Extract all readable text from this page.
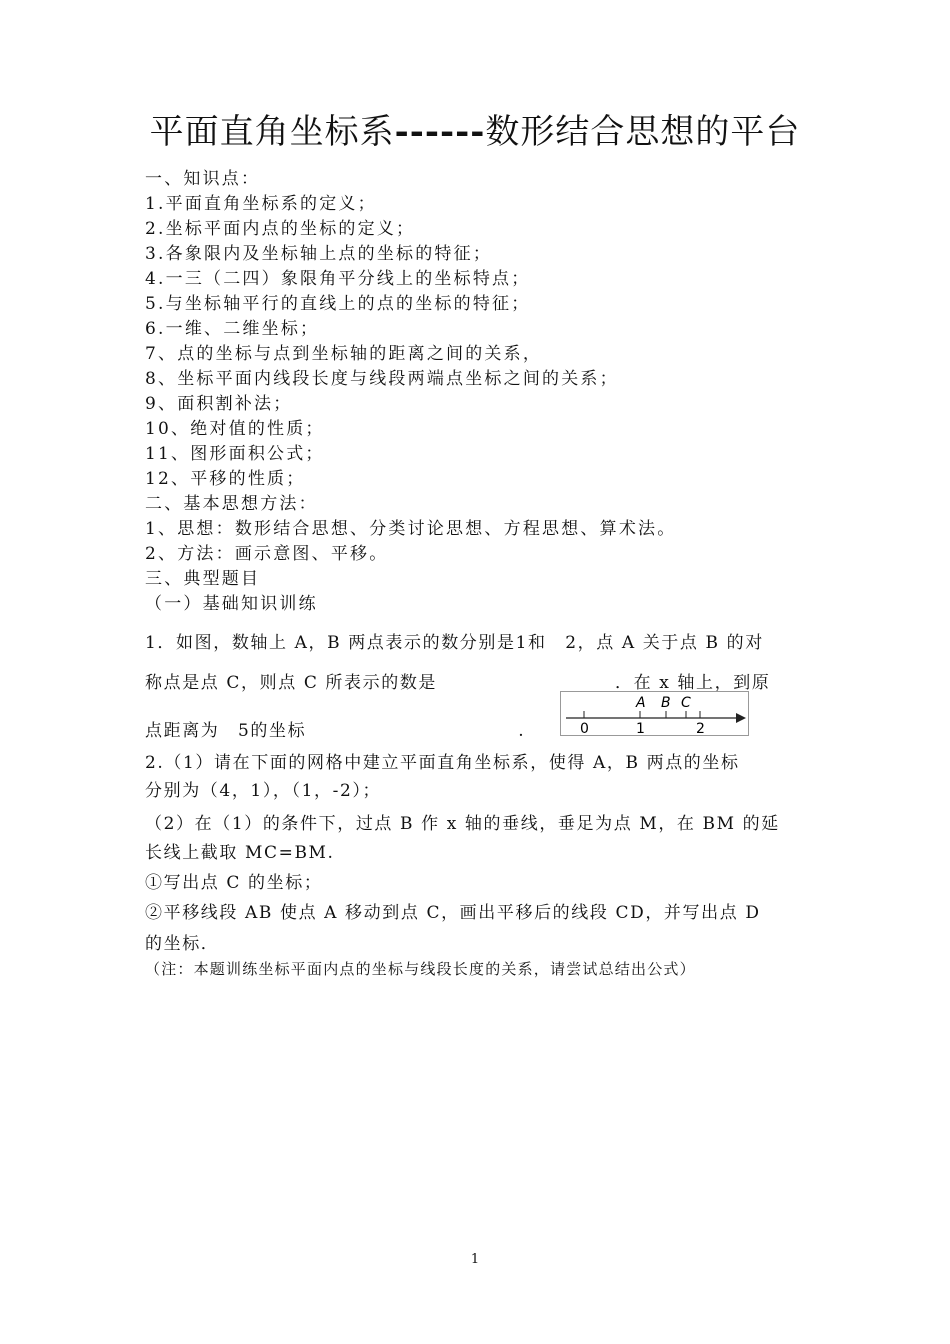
平面直角坐标系------数形结合思想的平台
一、知识点：
1.平面直角坐标系的定义；
2.坐标平面内点的坐标的定义；
3.各象限内及坐标轴上点的坐标的特征；
4.一三（二四）象限角平分线上的坐标特点；
5.与坐标轴平行的直线上的点的坐标的特征；
6.一维、二维坐标；
7、点的坐标与点到坐标轴的距离之间的关系，
8、坐标平面内线段长度与线段两端点坐标之间的关系；
9、面积割补法；
10、绝对值的性质；
11、图形面积公式；
12、平移的性质；
二、基本思想方法：
1、思想：数形结合思想、分类讨论思想、方程思想、算术法。
2、方法：画示意图、平移。
三、典型题目
（一）基础知识训练
1．如图，数轴上 A，B 两点表示的数分别是1和　2，点 A 关于点 B 的对
称点是点 C，则点 C 所表示的数是	．在 x 轴上，到原
点距离为　5的坐标	.
A B C
0	1	2
2.（1）请在下面的网格中建立平面直角坐标系，使得 A，B 两点的坐标
分别为（4，1），（1，-2）；
（2）在（1）的条件下，过点 B 作 x 轴的垂线，垂足为点 M，在 BM 的延
长线上截取 MC=BM.
①写出点 C 的坐标；
②平移线段 AB 使点 A 移动到点 C，画出平移后的线段 CD，并写出点 D
的坐标．
（注：本题训练坐标平面内点的坐标与线段长度的关系，请尝试总结出公式）
1
